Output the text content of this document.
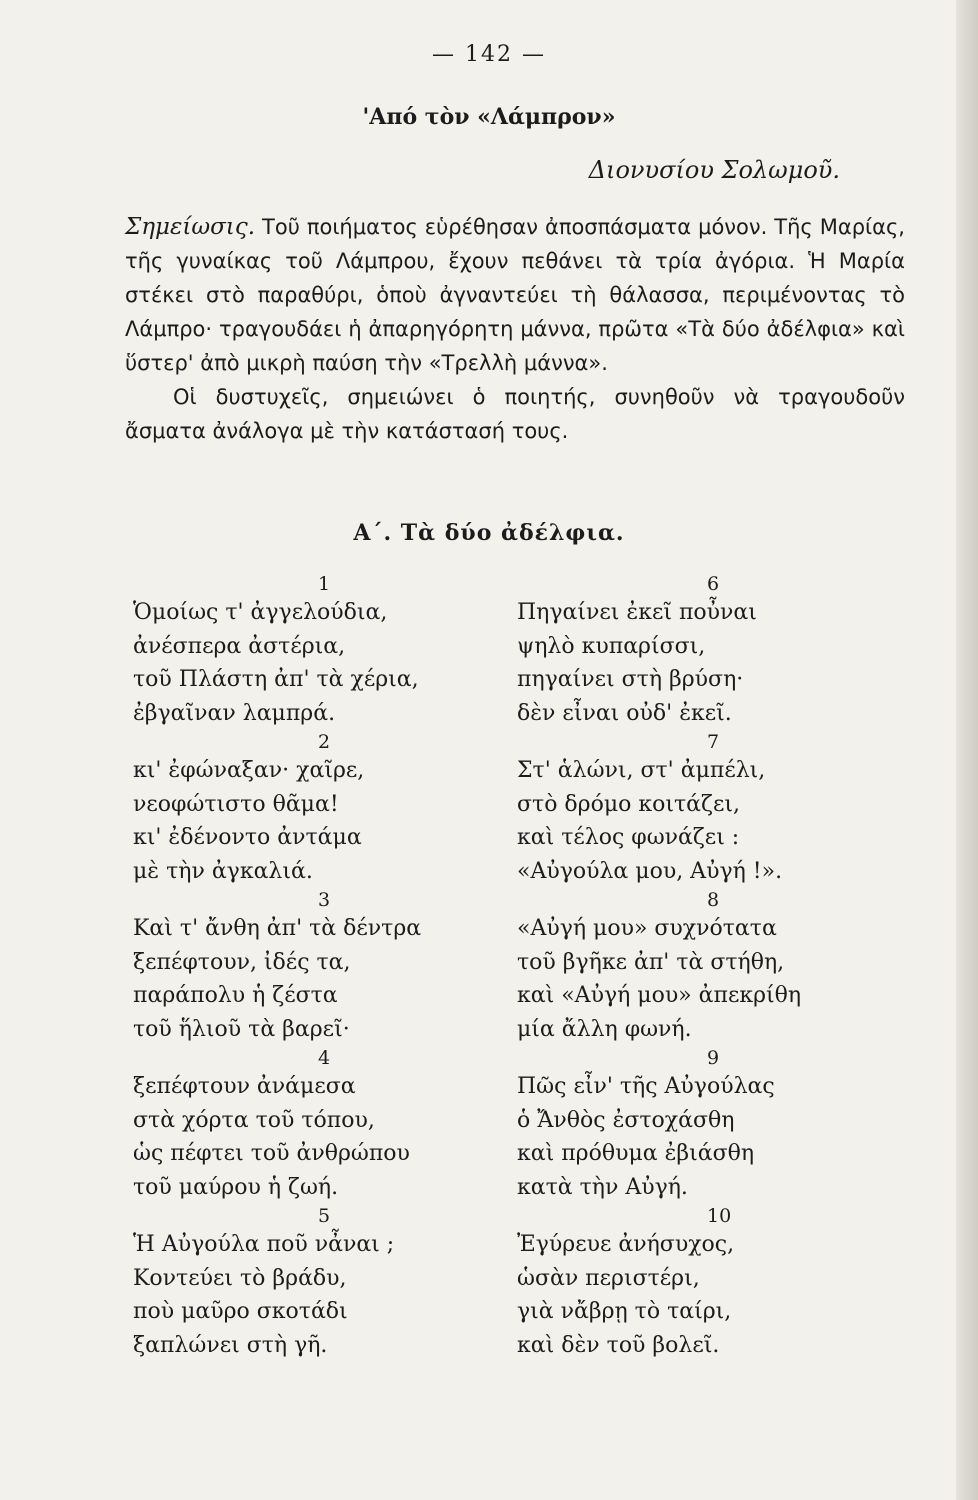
— 142 —
'Από τὸν «Λάμπρον»
Διονυσίου Σολωμοῦ.

Σημείωσις. Τοῦ ποιήματος εὑρέθησαν ἀποσπάσματα μόνον. Τῆς Μαρίας, τῆς γυναίκας τοῦ Λάμπρου, ἔχουν πεθάνει τὰ τρία ἀγόρια. Ἡ Μαρία στέκει στὸ παραθύρι, ὁποὺ ἀγναντεύει τὴ θάλασσα, περιμένοντας τὸ Λάμπρο· τραγουδάει ἡ ἀπαρηγόρητη μάννα, πρῶτα «Τὰ δύο ἀδέλφια» καὶ ὕστερ' ἀπὸ μικρὴ παύση τὴν «Τρελλὴ μάννα».

Οἱ δυστυχεῖς, σημειώνει ὁ ποιητής, συνηθοῦν νὰ τραγουδοῦν ἄσματα ἀνάλογα μὲ τὴν κατάστασή τους.

Α΄. Τὰ δύο ἀδέλφια.
1
Ὁμοίως τ' ἀγγελούδια,
ἀνέσπερα ἀστέρια,
τοῦ Πλάστη ἀπ' τὰ χέρια,
ἐβγαῖναν λαμπρά.
2
κι' ἐφώναξαν· χαῖρε,
νεοφώτιστο θᾶμα!
κι' ἐδένοντο ἀντάμα
μὲ τὴν ἀγκαλιά.
3
Καὶ τ' ἄνθη ἀπ' τὰ δέντρα
ξεπέφτουν, ἰδές τα,
παράπολυ ἡ ζέστα
τοῦ ἥλιοῦ τὰ βαρεῖ·
4
ξεπέφτουν ἀνάμεσα
στὰ χόρτα τοῦ τόπου,
ὡς πέφτει τοῦ ἀνθρώπου
τοῦ μαύρου ἡ ζωή.
5
Ἡ Αὐγούλα ποῦ νἆναι ;
Κοντεύει τὸ βράδυ,
ποὺ μαῦρο σκοτάδι
ξαπλώνει στὴ γῆ.
6
Πηγαίνει ἐκεῖ ποὖναι
ψηλὸ κυπαρίσσι,
πηγαίνει στὴ βρύση·
δὲν εἶναι οὐδ' ἐκεῖ.
7
Στ' ἁλώνι, στ' ἀμπέλι,
στὸ δρόμο κοιτάζει,
καὶ τέλος φωνάζει :
«Αὐγούλα μου, Αὐγή !».
8
«Αὐγή μου» συχνότατα
τοῦ βγῆκε ἀπ' τὰ στήθη,
καὶ «Αὐγή μου» ἀπεκρίθη
μία ἄλλη φωνή.
9
Πῶς εἶν' τῆς Αὐγούλας
ὁ Ἄνθὸς ἐστοχάσθη
καὶ πρόθυμα ἐβιάσθη
κατὰ τὴν Αὐγή.
10
Ἐγύρευε ἀνήσυχος,
ὡσὰν περιστέρι,
γιὰ νἄβρῃ τὸ ταίρι,
καὶ δὲν τοῦ βολεῖ.
